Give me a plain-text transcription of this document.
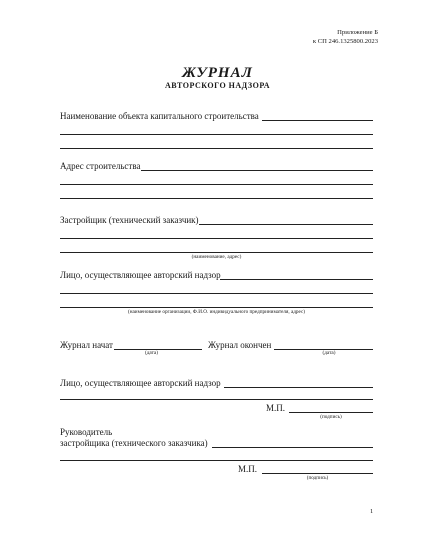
Приложение Б
к СП 246.1325800.2023
ЖУРНАЛ
АВТОРСКОГО НАДЗОРА
Наименование объекта капитального строительства
Адрес строительства
Застройщик (технический заказчик)
(наименование, адрес)
Лицо, осуществляющее авторский надзор
(наименование организации, Ф.И.О. индивидуального предпринимателя, адрес)
Журнал начат
(дата)
Журнал окончен
(дата)
Лицо, осуществляющее авторский надзор
М.П.
(подпись)
Руководитель
застройщика (технического заказчика)
М.П.
(подпись)
1
